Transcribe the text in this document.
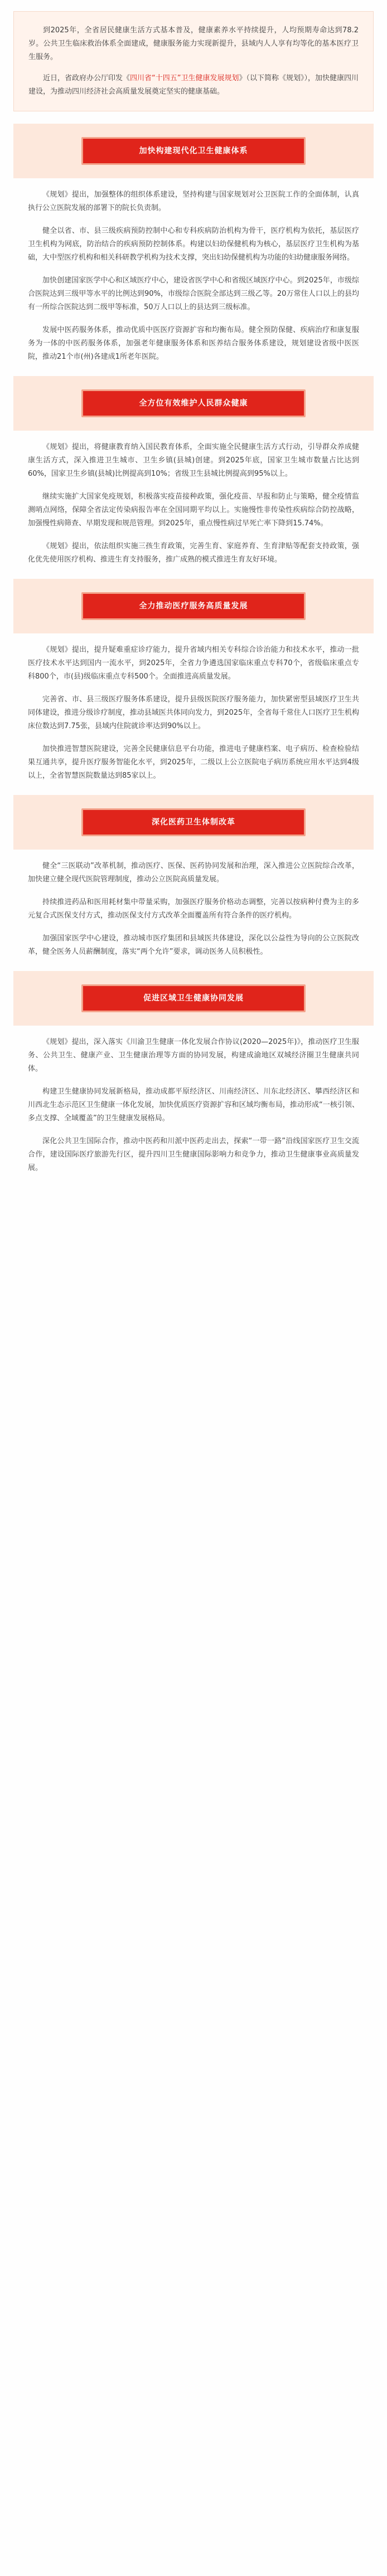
到2025年，全省居民健康生活方式基本普及，健康素养水平持续提升，人均预期寿命达到78.2岁。公共卫生临床救治体系全面建成，健康服务能力实现新提升，县域内人人享有均等化的基本医疗卫生服务。

近日，省政府办公厅印发《四川省“十四五”卫生健康发展规划》（以下简称《规划》），加快健康四川建设，为推动四川经济社会高质量发展奠定坚实的健康基础。

加快构建现代化卫生健康体系

《规划》提出，加强整体的组织体系建设，坚持构建与国家规划对公卫医院工作的全面体制，认真执行公立医院发展的部署下的院长负责制。

健全以省、市、县三级疾病预防控制中心和专科疾病防治机构为骨干，医疗机构为依托，基层医疗卫生机构为网底，防治结合的疾病预防控制体系。构建以妇幼保健机构为核心，基层医疗卫生机构为基础，大中型医疗机构和相关科研教学机构为技术支撑，突出妇幼保健机构为功能的妇幼健康服务网络。

加快创建国家医学中心和区域医疗中心，建设省医学中心和省级区域医疗中心。到2025年，市级综合医院达到三级甲等水平的比例达到90%，市级综合医院全部达到三级乙等。20万常住人口以上的县均有一所综合医院达到二级甲等标准，50万人口以上的县达到三级标准。

发展中医药服务体系，推动优质中医医疗资源扩容和均衡布局。健全预防保健、疾病治疗和康复服务为一体的中医药服务体系，加强老年健康服务体系和医养结合服务体系建设，规划建设省级中医医院，推动21个市(州)各建成1所老年医院。

全方位有效维护人民群众健康

《规划》提出，将健康教育纳入国民教育体系，全面实施全民健康生活方式行动，引导群众养成健康生活方式，深入推进卫生城市、卫生乡镇(县城)创建。到2025年底，国家卫生城市数量占比达到60%，国家卫生乡镇(县城)比例提高到10%；省级卫生县城比例提高到95%以上。

继续实施扩大国家免疫规划，积极落实疫苗接种政策，强化疫苗、早报和防止与策略，健全疫情监测哨点网络，保障全省法定传染病报告率在全国同期平均以上。实施慢性非传染性疾病综合防控战略，加强慢性病筛查、早期发现和规范管理。到2025年，重点慢性病过早死亡率下降到15.74%。

《规划》提出，依法组织实施三孩生育政策，完善生育、家庭养育、生育津贴等配套支持政策，强化优先使用医疗机构、推进生育支持服务，推广成熟的模式推进生育友好环境。

全力推动医疗服务高质量发展

《规划》提出，提升疑难重症诊疗能力，提升省域内相关专科综合诊治能力和技术水平，推动一批医疗技术水平达到国内一流水平，到2025年，全省力争遴选国家临床重点专科70个，省级临床重点专科800个，市(县)级临床重点专科500个。全面推进高质量发展。

完善省、市、县三级医疗服务体系建设，提升县级医院医疗服务能力，加快紧密型县域医疗卫生共同体建设，推进分级诊疗制度，推动县域医共体同向发力，到2025年，全省每千常住人口医疗卫生机构床位数达到7.75张，县域内住院就诊率达到90%以上。

加快推进智慧医院建设，完善全民健康信息平台功能，推进电子健康档案、电子病历、检查检验结果互通共享，提升医疗服务智能化水平，到2025年，二级以上公立医院电子病历系统应用水平达到4级以上，全省智慧医院数量达到85家以上。

深化医药卫生体制改革

健全“三医联动”改革机制，推动医疗、医保、医药协同发展和治理，深入推进公立医院综合改革，加快建立健全现代医院管理制度，推动公立医院高质量发展。

持续推进药品和医用耗材集中带量采购，加强医疗服务价格动态调整，完善以按病种付费为主的多元复合式医保支付方式，推动医保支付方式改革全面覆盖所有符合条件的医疗机构。

加强国家医学中心建设，推动城市医疗集团和县域医共体建设，深化以公益性为导向的公立医院改革，健全医务人员薪酬制度，落实“两个允许”要求，调动医务人员积极性。

促进区域卫生健康协同发展

《规划》提出，深入落实《川渝卫生健康一体化发展合作协议(2020—2025年)》，推动医疗卫生服务、公共卫生、健康产业、卫生健康治理等方面的协同发展，构建成渝地区双城经济圈卫生健康共同体。

构建卫生健康协同发展新格局，推动成都平原经济区、川南经济区、川东北经济区、攀西经济区和川西北生态示范区卫生健康一体化发展，加快优质医疗资源扩容和区域均衡布局，推动形成“一核引领、多点支撑、全域覆盖”的卫生健康发展格局。

深化公共卫生国际合作，推动中医药和川派中医药走出去，探索“一带一路”沿线国家医疗卫生交流合作，建设国际医疗旅游先行区，提升四川卫生健康国际影响力和竞争力，推动卫生健康事业高质量发展。
